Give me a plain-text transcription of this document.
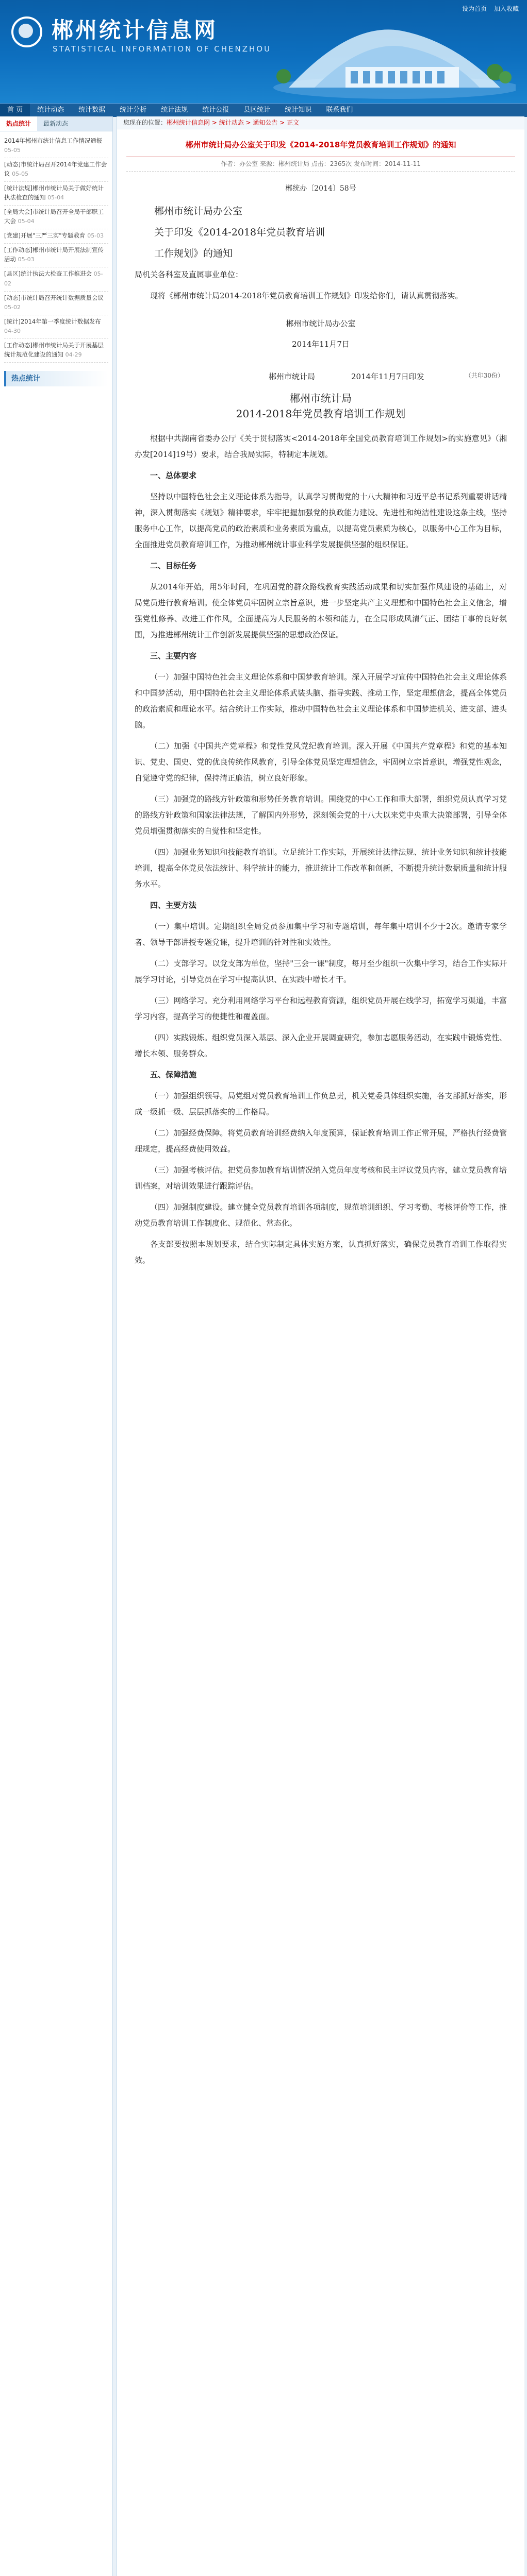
郴州统计信息网
STATISTICAL INFORMATION OF CHENZHOU
设为首页 加入收藏
首 页	统计动态	统计数据	统计分析	统计法规	统计公报	县区统计	统计知识	联系我们
热点统计	最新动态
2014年郴州市统计信息工作情况通报 05-05
[动态]市统计局召开2014年党建工作会议 05-05
[统计法规]郴州市统计局关于做好统计执法检查的通知 05-04
[全局大会]市统计局召开全局干部职工大会 05-04
[党建]开展"三严三实"专题教育 05-03
[工作动态]郴州市统计局开展法制宣传活动 05-03
[县区]统计执法大检查工作推进会 05-02
[动态]市统计局召开统计数据质量会议 05-02
[统计]2014年第一季度统计数据发布 04-30
[工作动态]郴州市统计局关于开展基层统计规范化建设的通知 04-29
热点统计
您现在的位置：郴州统计信息网 > 统计动态 > 通知公告 > 正文
郴州市统计局办公室关于印发《2014-2018年党员教育培训工作规划》的通知
作者：办公室 来源：郴州统计局 点击：2365次 发布时间：2014-11-11
郴统办〔2014〕58号

郴州市统计局办公室

关于印发《2014-2018年党员教育培训

工作规划》的通知

局机关各科室及直属事业单位：

现将《郴州市统计局2014-2018年党员教育培训工作规划》印发给你们，请认真贯彻落实。

郴州市统计局办公室
2014年11月7日
郴州市统计局	2014年11月7日印发	（共印30份）
郴州市统计局
2014-2018年党员教育培训工作规划

根据中共湖南省委办公厅《关于贯彻落实<2014-2018年全国党员教育培训工作规划>的实施意见》（湘办发[2014]19号）要求，结合我局实际，特制定本规划。

一、总体要求

坚持以中国特色社会主义理论体系为指导，认真学习贯彻党的十八大精神和习近平总书记系列重要讲话精神，深入贯彻落实《规划》精神要求，牢牢把握加强党的执政能力建设、先进性和纯洁性建设这条主线，坚持服务中心工作，以提高党员的政治素质和业务素质为重点，以提高党员素质为核心，以服务中心工作为目标，全面推进党员教育培训工作，为推动郴州统计事业科学发展提供坚强的组织保证。

二、目标任务

从2014年开始，用5年时间，在巩固党的群众路线教育实践活动成果和切实加强作风建设的基础上，对局党员进行教育培训。使全体党员牢固树立宗旨意识，进一步坚定共产主义理想和中国特色社会主义信念，增强党性修养、改进工作作风，全面提高为人民服务的本领和能力，在全局形成风清气正、团结干事的良好氛围，为推进郴州统计工作创新发展提供坚强的思想政治保证。

三、主要内容

（一）加强中国特色社会主义理论体系和中国梦教育培训。深入开展学习宣传中国特色社会主义理论体系和中国梦活动，用中国特色社会主义理论体系武装头脑、指导实践、推动工作，坚定理想信念，提高全体党员的政治素质和理论水平。结合统计工作实际，推动中国特色社会主义理论体系和中国梦进机关、进支部、进头脑。

（二）加强《中国共产党章程》和党性党风党纪教育培训。深入开展《中国共产党章程》和党的基本知识、党史、国史、党的优良传统作风教育，引导全体党员坚定理想信念，牢固树立宗旨意识，增强党性观念，自觉遵守党的纪律，保持清正廉洁，树立良好形象。

（三）加强党的路线方针政策和形势任务教育培训。围绕党的中心工作和重大部署，组织党员认真学习党的路线方针政策和国家法律法规，了解国内外形势，深刻领会党的十八大以来党中央重大决策部署，引导全体党员增强贯彻落实的自觉性和坚定性。

（四）加强业务知识和技能教育培训。立足统计工作实际，开展统计法律法规、统计业务知识和统计技能培训，提高全体党员依法统计、科学统计的能力，推进统计工作改革和创新，不断提升统计数据质量和统计服务水平。

四、主要方法

（一）集中培训。定期组织全局党员参加集中学习和专题培训，每年集中培训不少于2次。邀请专家学者、领导干部讲授专题党课，提升培训的针对性和实效性。

（二）支部学习。以党支部为单位，坚持"三会一课"制度，每月至少组织一次集中学习，结合工作实际开展学习讨论，引导党员在学习中提高认识、在实践中增长才干。

（三）网络学习。充分利用网络学习平台和远程教育资源，组织党员开展在线学习，拓宽学习渠道，丰富学习内容，提高学习的便捷性和覆盖面。

（四）实践锻炼。组织党员深入基层、深入企业开展调查研究，参加志愿服务活动，在实践中锻炼党性、增长本领、服务群众。

五、保障措施

（一）加强组织领导。局党组对党员教育培训工作负总责，机关党委具体组织实施，各支部抓好落实，形成一级抓一级、层层抓落实的工作格局。

（二）加强经费保障。将党员教育培训经费纳入年度预算，保证教育培训工作正常开展，严格执行经费管理规定，提高经费使用效益。

（三）加强考核评估。把党员参加教育培训情况纳入党员年度考核和民主评议党员内容，建立党员教育培训档案，对培训效果进行跟踪评估。

（四）加强制度建设。建立健全党员教育培训各项制度，规范培训组织、学习考勤、考核评价等工作，推动党员教育培训工作制度化、规范化、常态化。

各支部要按照本规划要求，结合实际制定具体实施方案，认真抓好落实，确保党员教育培训工作取得实效。
